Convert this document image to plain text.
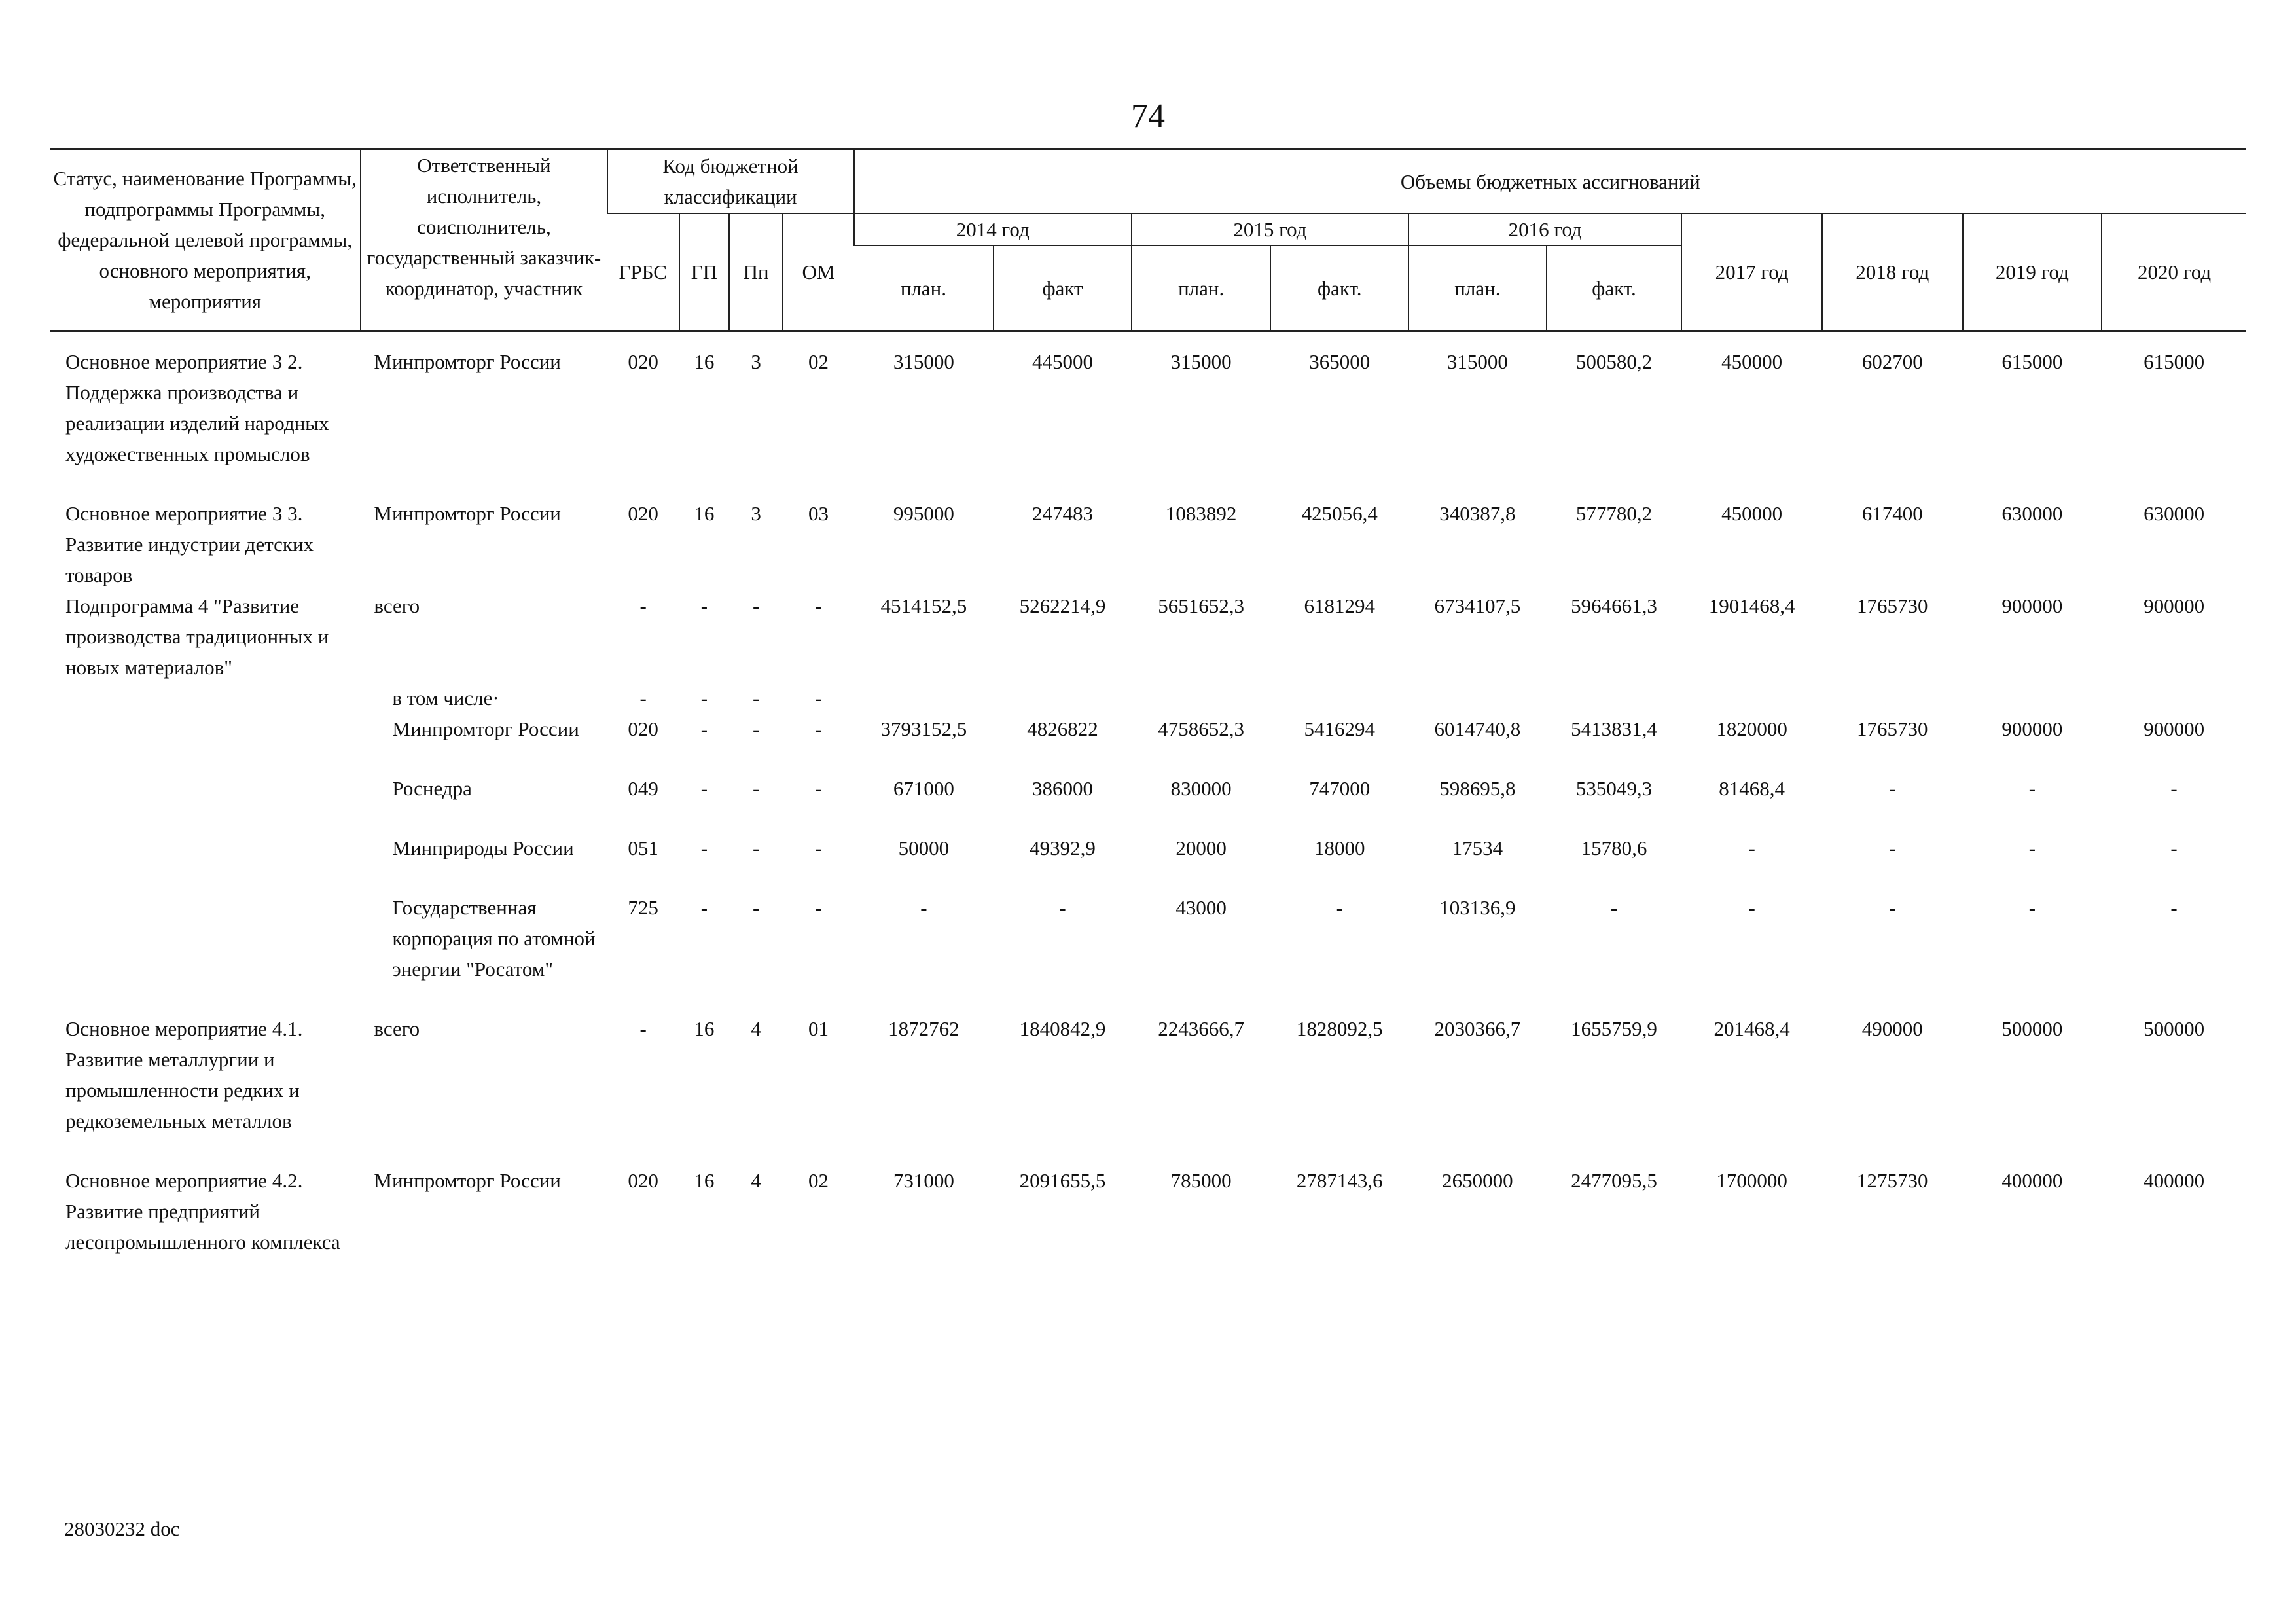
74
Статус, наименование Программы, подпрограммы Программы, федеральной целевой программы, основного мероприятия, мероприятия	Ответственный исполнитель, соисполнитель, государственный заказчик-координатор, участник	Код бюджетной классификации				Объемы бюджетных ассигнований									
		ГРБС	ГП	Пп	ОМ	2014 год		2015 год		2016 год		2017 год	2018 год	2019 год	2020 год
						план.	факт	план.	факт.	план.	факт.				

Основное мероприятие 3 2. Поддержка производства и реализации изделий народных художественных промыслов	Минпромторг России	020	16	3	02	315000	445000	315000	365000	315000	500580,2	450000	602700	615000	615000

Основное мероприятие 3 3. Развитие индустрии детских товаров	Минпромторг России	020	16	3	03	995000	247483	1083892	425056,4	340387,8	577780,2	450000	617400	630000	630000
Подпрограмма 4 "Развитие производства традиционных и новых материалов"	всего	-	-	-	-	4514152,5	5262214,9	5651652,3	6181294	6734107,5	5964661,3	1901468,4	1765730	900000	900000
	в том числе·	-	-	-	-										
	Минпромторг России	020	-	-	-	3793152,5	4826822	4758652,3	5416294	6014740,8	5413831,4	1820000	1765730	900000	900000

	Роснедра	049	-	-	-	671000	386000	830000	747000	598695,8	535049,3	81468,4	-	-	-

	Минприроды России	051	-	-	-	50000	49392,9	20000	18000	17534	15780,6	-	-	-	-

	Государственная корпорация по атомной энергии "Росатом"	725	-	-	-	-	-	43000	-	103136,9	-	-	-	-	-

Основное мероприятие 4.1. Развитие металлургии и промышленности редких и редкоземельных металлов	всего	-	16	4	01	1872762	1840842,9	2243666,7	1828092,5	2030366,7	1655759,9	201468,4	490000	500000	500000

Основное мероприятие 4.2. Развитие предприятий лесопромышленного комплекса	Минпромторг России	020	16	4	02	731000	2091655,5	785000	2787143,6	2650000	2477095,5	1700000	1275730	400000	400000
28030232 doc
